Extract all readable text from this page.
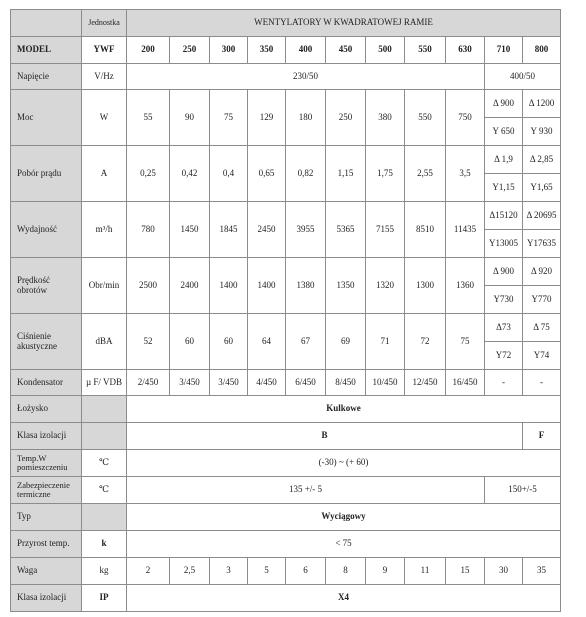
	Jednostka	WENTYLATORY W KWADRATOWEJ RAMIE										
MODEL	YWF	200	250	300	350	400	450	500	550	630	710	800
Napięcie	V/Hz	230/50									400/50	
Moc	W	55	90	75	129	180	250	380	550	750	Δ 900	Δ 1200
											Y 650	Y 930
Pobór prądu	A	0,25	0,42	0,4	0,65	0,82	1,15	1,75	2,55	3,5	Δ 1,9	Δ 2,85
											Y1,15	Y1,65
Wydajność	m³/h	780	1450	1845	2450	3955	5365	7155	8510	11435	Δ15120	Δ 20695
											Y13005	Y17635
Prędkość obrotów	Obr/min	2500	2400	1400	1400	1380	1350	1320	1300	1360	Δ 900	Δ 920
											Y730	Y770
Ciśnienie akustyczne	dBA	52	60	60	64	67	69	71	72	75	Δ73	Δ 75
											Y72	Y74
Kondensator	µ F/ VDB	2/450	3/450	3/450	4/450	6/450	8/450	10/450	12/450	16/450	-	-
Łożysko		Kulkowe										
Klasa izolacji		B										F
Temp.W pomieszczeniu	℃	(-30) ~ (+ 60)										
Zabezpieczenie termiczne	℃	135 +/- 5									150+/-5	
Typ		Wyciągowy										
Przyrost temp.	k	< 75										
Waga	kg	2	2,5	3	5	6	8	9	11	15	30	35
Klasa izolacji	IP	X4										
